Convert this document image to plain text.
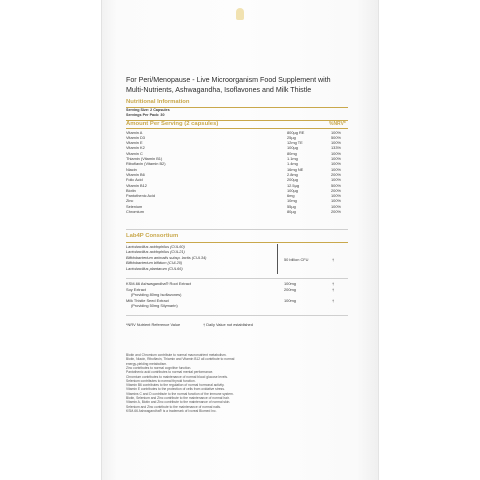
For Peri/Menopause - Live Microorganism Food Supplement with
Multi-Nutrients, Ashwagandha, Isoflavones and Milk Thistle
Nutritional Information
Serving Size: 2 Capsules
Servings Per Pack: 30
Amount Per Serving (2 capsules)	%NRV*
Vitamin A	800µg RE	100%
Vitamin D3	25µg	500%
Vitamin E	12mg TE	100%
Vitamin K2	100µg	133%
Vitamin C	80mg	100%
Thiamin (Vitamin B1)	1.1mg	100%
Riboflavin (Vitamin B2)	1.4mg	100%
Niacin	16mg NE	100%
Vitamin B6	2.8mg	200%
Folic Acid	200µg	100%
Vitamin B12	12.5µg	500%
Biotin	100µg	200%
Pantothenic Acid	6mg	100%
Zinc	10mg	100%
Selenium	55µg	100%
Chromium	80µg	200%
Lab4P Consortium
Lactobacillus acidophilus (CUL60)
Lactobacillus acidophilus (CUL21)
Bifidobacterium animalis subsp. lactis (CUL34)
Bifidobacterium bifidum (CUL20)
Lactobacillus plantarum (CUL66)
50 billion CFU	†
KSM-66 Ashwagandha® Root Extract	100mg	†
Soy Extract
(Providing 80mg Isoflavones)
200mg	†
Milk Thistle Seed Extract
(Providing 50mg Silymarin)
100mg	†
*NRV Nutrient Reference Value	† Daily Value not established
Biotin and Chromium contribute to normal macronutrient metabolism.
Biotin, Niacin, Riboflavin, Thiamin and Vitamin B12 all contribute to normal
energy-yielding metabolism.
Zinc contributes to normal cognitive function.
Pantothenic acid contributes to normal mental performance.
Chromium contributes to maintenance of normal blood glucose levels.
Selenium contributes to normal thyroid function.
Vitamin B6 contributes to the regulation of normal hormonal activity.
Vitamin E contributes to the protection of cells from oxidative stress.
Vitamins C and D contribute to the normal function of the immune system.
Biotin, Selenium and Zinc contribute to the maintenance of normal hair.
Vitamin A, Biotin and Zinc contribute to the maintenance of normal skin.
Selenium and Zinc contribute to the maintenance of normal nails.
KSM-66 Ashwagandha® is a trademark of Ixoreal Biomed Inc.
